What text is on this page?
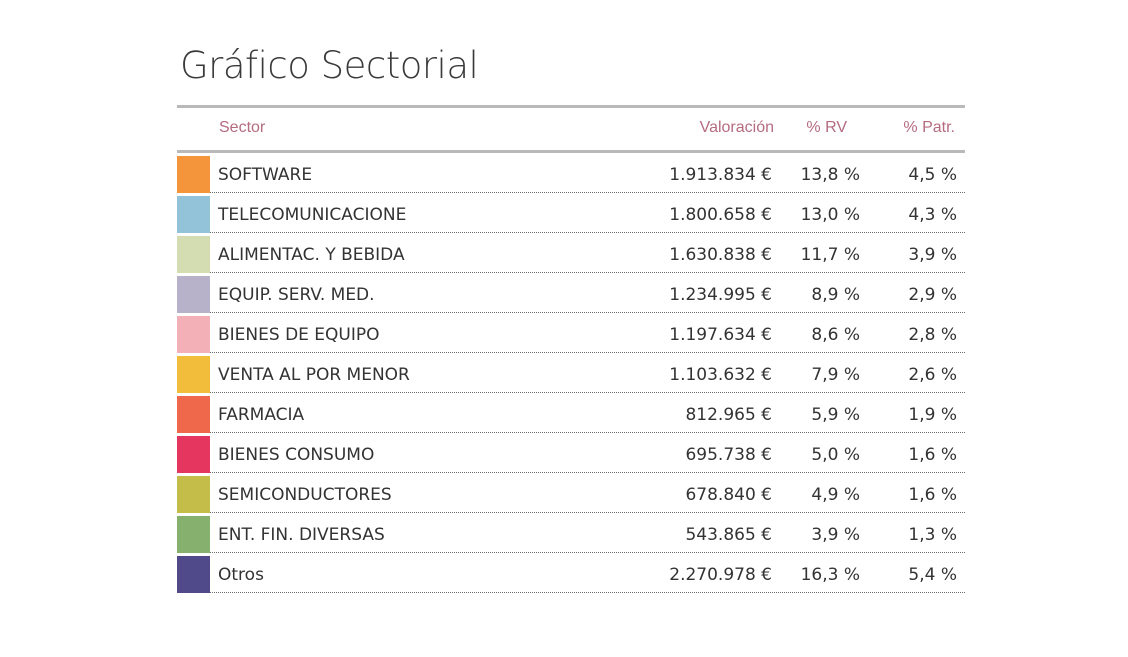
Gráfico Sectorial
Sector	Valoración % RV	% Patr.
SOFTWARE	1.913.834 € 13,8 %	4,5 %
TELECOMUNICACIONE	1.800.658 € 13,0 %	4,3 %
ALIMENTAC. Y BEBIDA	1.630.838 € 11,7 %	3,9 %
EQUIP. SERV. MED.	1.234.995 € 8,9 %	2,9 %
BIENES DE EQUIPO	1.197.634 € 8,6 %	2,8 %
VENTA AL POR MENOR	1.103.632 € 7,9 %	2,6 %
FARMACIA	812.965 € 5,9 %	1,9 %
BIENES CONSUMO	695.738 € 5,0 %	1,6 %
SEMICONDUCTORES	678.840 € 4,9 %	1,6 %
ENT. FIN. DIVERSAS	543.865 € 3,9 %	1,3 %
Otros	2.270.978 € 16,3 %	5,4 %
